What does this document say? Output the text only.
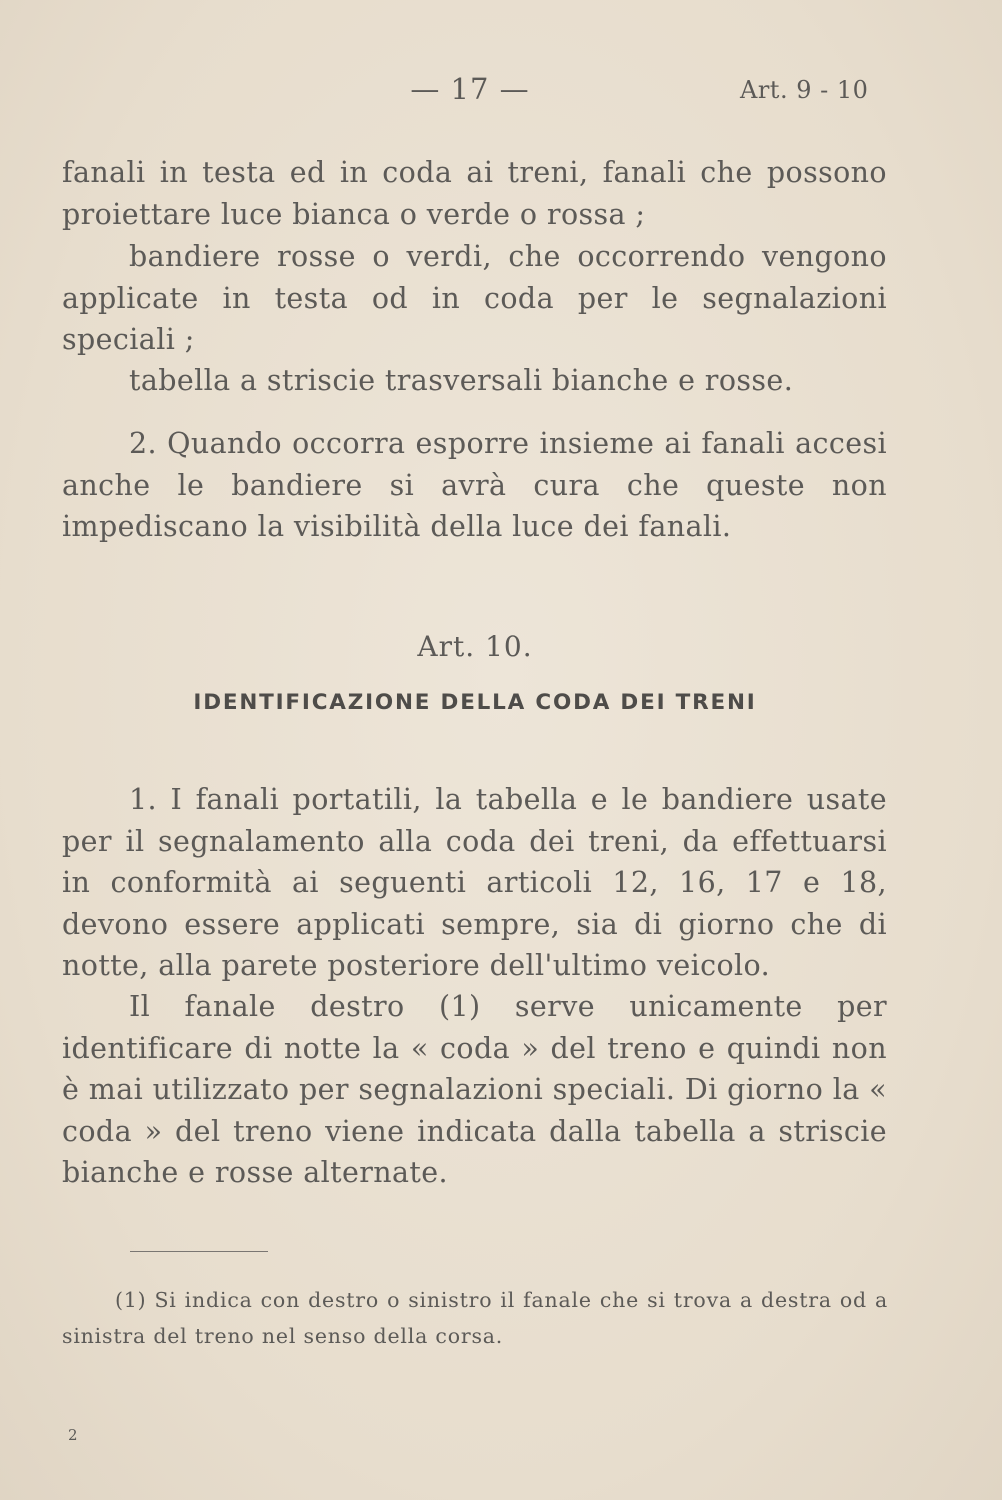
— 17 —	Art. 9 - 10
fanali in testa ed in coda ai treni, fanali che possono proiettare luce bianca o verde o rossa ;
bandiere rosse o verdi, che occorrendo vengono applicate in testa od in coda per le segnalazioni speciali ;
tabella a striscie trasversali bianche e rosse.
2. Quando occorra esporre insieme ai fanali accesi anche le bandiere si avrà cura che queste non impediscano la visibilità della luce dei fanali.
Art. 10.
IDENTIFICAZIONE DELLA CODA DEI TRENI
1. I fanali portatili, la tabella e le bandiere usate per il segnalamento alla coda dei treni, da effettuarsi in conformità ai seguenti articoli 12, 16, 17 e 18, devono essere applicati sempre, sia di giorno che di notte, alla parete posteriore dell'ultimo veicolo.
Il fanale destro (1) serve unicamente per identificare di notte la « coda » del treno e quindi non è mai utilizzato per segnalazioni speciali. Di giorno la « coda » del treno viene indicata dalla tabella a striscie bianche e rosse alternate.
(1) Si indica con destro o sinistro il fanale che si trova a destra od a sinistra del treno nel senso della corsa.
2
